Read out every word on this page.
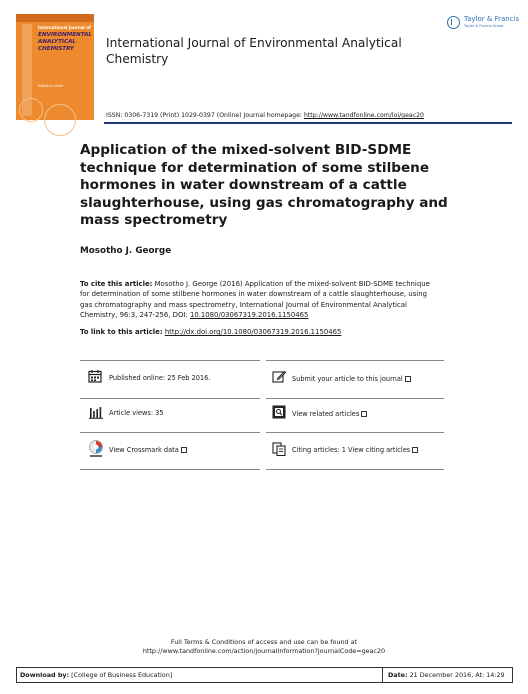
International Journal of
ENVIRONMENTAL ANALYTICAL CHEMISTRY
Editor-in-Chief
International Journal of Environmental Analytical Chemistry
Taylor & Francis
Taylor & Francis Group
ISSN: 0306-7319 (Print) 1029-0397 (Online) Journal homepage: http://www.tandfonline.com/loi/geac20
Application of the mixed-solvent BID-SDME technique for determination of some stilbene hormones in water downstream of a cattle slaughterhouse, using gas chromatography and mass spectrometry
Mosotho J. George
To cite this article: Mosotho J. George (2016) Application of the mixed-solvent BID-SDME technique for determination of some stilbene hormones in water downstream of a cattle slaughterhouse, using gas chromatography and mass spectrometry, International Journal of Environmental Analytical Chemistry, 96:3, 247-256, DOI: 10.1080/03067319.2016.1150465
To link to this article: http://dx.doi.org/10.1080/03067319.2016.1150465
Published online: 25 Feb 2016.	Submit your article to this journal
Article views: 35	View related articles
View Crossmark data	Citing articles: 1 View citing articles
Full Terms & Conditions of access and use can be found at
http://www.tandfonline.com/action/journalInformation?journalCode=geac20
Download by: [College of Business Education]	Date: 21 December 2016, At: 14:29
